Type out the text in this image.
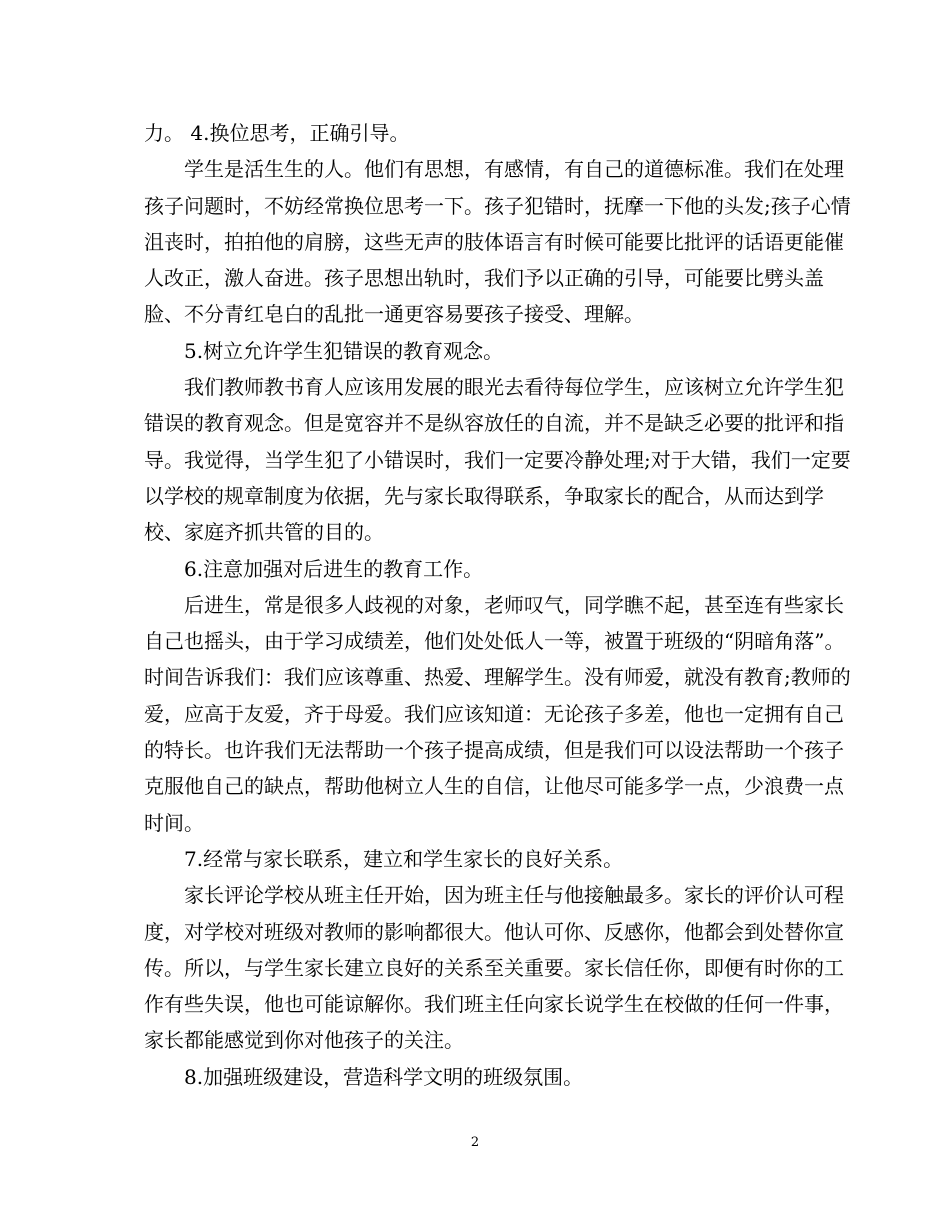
力。 4.换位思考，正确引导。
学生是活生生的人。他们有思想，有感情，有自己的道德标准。我们在处理
孩子问题时，不妨经常换位思考一下。孩子犯错时，抚摩一下他的头发;孩子心情
沮丧时，拍拍他的肩膀，这些无声的肢体语言有时候可能要比批评的话语更能催
人改正，激人奋进。孩子思想出轨时，我们予以正确的引导，可能要比劈头盖
脸、不分青红皂白的乱批一通更容易要孩子接受、理解。
5.树立允许学生犯错误的教育观念。
我们教师教书育人应该用发展的眼光去看待每位学生，应该树立允许学生犯
错误的教育观念。但是宽容并不是纵容放任的自流，并不是缺乏必要的批评和指
导。我觉得，当学生犯了小错误时，我们一定要冷静处理;对于大错，我们一定要
以学校的规章制度为依据，先与家长取得联系，争取家长的配合，从而达到学
校、家庭齐抓共管的目的。
6.注意加强对后进生的教育工作。
后进生，常是很多人歧视的对象，老师叹气，同学瞧不起，甚至连有些家长
自己也摇头，由于学习成绩差，他们处处低人一等，被置于班级的“阴暗角落”。
时间告诉我们：我们应该尊重、热爱、理解学生。没有师爱，就没有教育;教师的
爱，应高于友爱，齐于母爱。我们应该知道：无论孩子多差，他也一定拥有自己
的特长。也许我们无法帮助一个孩子提高成绩，但是我们可以设法帮助一个孩子
克服他自己的缺点，帮助他树立人生的自信，让他尽可能多学一点，少浪费一点
时间。
7.经常与家长联系，建立和学生家长的良好关系。
家长评论学校从班主任开始，因为班主任与他接触最多。家长的评价认可程
度，对学校对班级对教师的影响都很大。他认可你、反感你，他都会到处替你宣
传。所以，与学生家长建立良好的关系至关重要。家长信任你，即便有时你的工
作有些失误，他也可能谅解你。我们班主任向家长说学生在校做的任何一件事，
家长都能感觉到你对他孩子的关注。
8.加强班级建设，营造科学文明的班级氛围。
2
